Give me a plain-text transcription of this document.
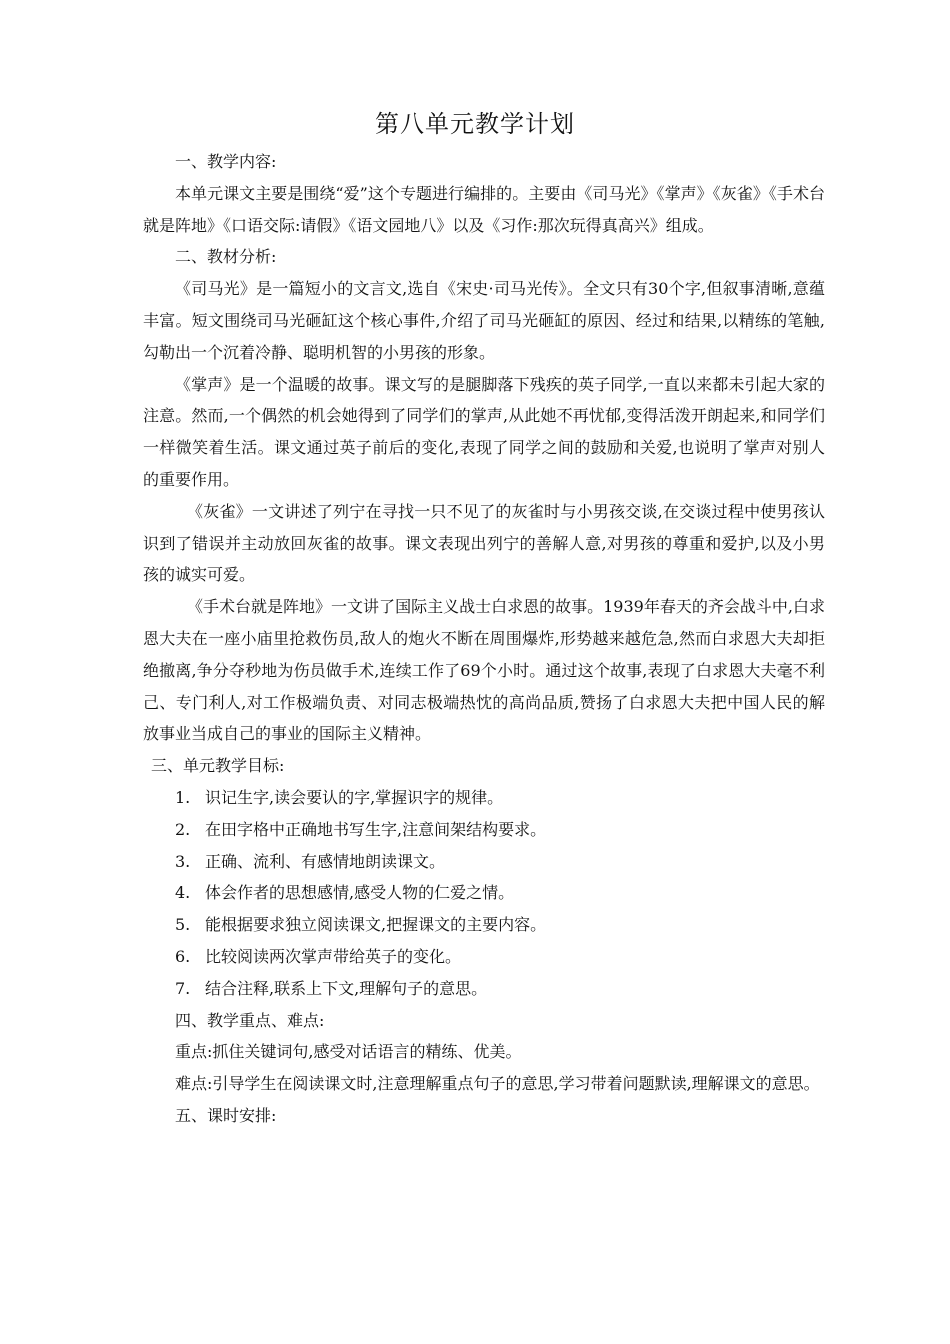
第八单元教学计划

一、教学内容:

本单元课文主要是围绕“爱”这个专题进行编排的。主要由《司马光》《掌声》《灰雀》《手术台就是阵地》《口语交际:请假》《语文园地八》以及《习作:那次玩得真高兴》组成。

二、教材分析:

《司马光》是一篇短小的文言文,选自《宋史·司马光传》。全文只有30个字,但叙事清晰,意蕴丰富。短文围绕司马光砸缸这个核心事件,介绍了司马光砸缸的原因、经过和结果,以精练的笔触,勾勒出一个沉着冷静、聪明机智的小男孩的形象。

《掌声》是一个温暖的故事。课文写的是腿脚落下残疾的英子同学,一直以来都未引起大家的注意。然而,一个偶然的机会她得到了同学们的掌声,从此她不再忧郁,变得活泼开朗起来,和同学们一样微笑着生活。课文通过英子前后的变化,表现了同学之间的鼓励和关爱,也说明了掌声对别人的重要作用。

《灰雀》一文讲述了列宁在寻找一只不见了的灰雀时与小男孩交谈,在交谈过程中使男孩认识到了错误并主动放回灰雀的故事。课文表现出列宁的善解人意,对男孩的尊重和爱护,以及小男孩的诚实可爱。

《手术台就是阵地》一文讲了国际主义战士白求恩的故事。1939年春天的齐会战斗中,白求恩大夫在一座小庙里抢救伤员,敌人的炮火不断在周围爆炸,形势越来越危急,然而白求恩大夫却拒绝撤离,争分夺秒地为伤员做手术,连续工作了69个小时。通过这个故事,表现了白求恩大夫毫不利己、专门利人,对工作极端负责、对同志极端热忱的高尚品质,赞扬了白求恩大夫把中国人民的解放事业当成自己的事业的国际主义精神。

三、单元教学目标:

1. 识记生字,读会要认的字,掌握识字的规律。
2. 在田字格中正确地书写生字,注意间架结构要求。
3. 正确、流利、有感情地朗读课文。
4. 体会作者的思想感情,感受人物的仁爱之情。
5. 能根据要求独立阅读课文,把握课文的主要内容。
6. 比较阅读两次掌声带给英子的变化。
7. 结合注释,联系上下文,理解句子的意思。

四、教学重点、难点:

重点:抓住关键词句,感受对话语言的精练、优美。

难点:引导学生在阅读课文时,注意理解重点句子的意思,学习带着问题默读,理解课文的意思。

五、课时安排:
